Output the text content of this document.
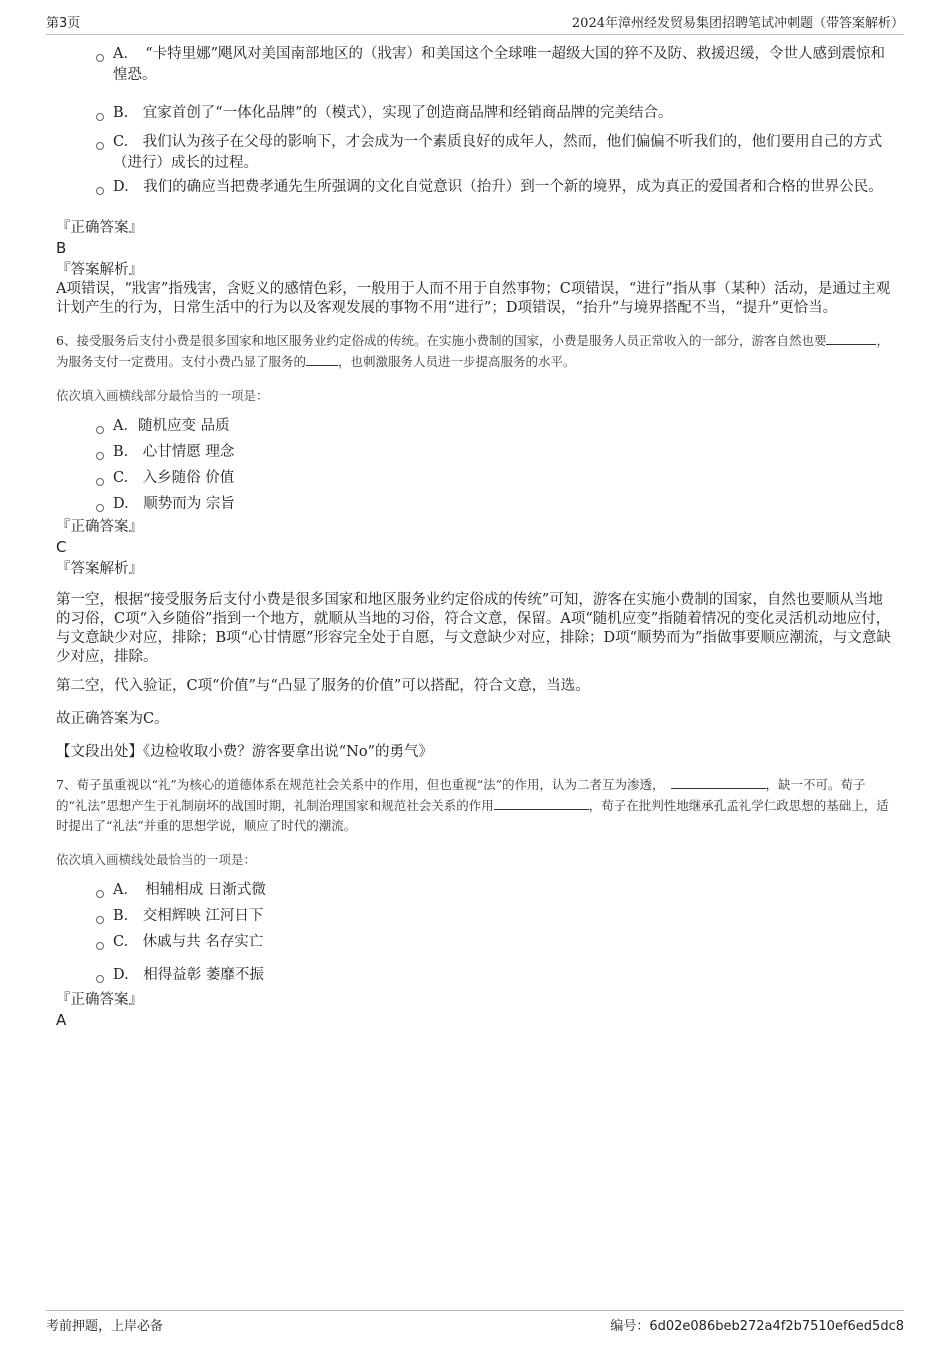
第3页	2024年漳州经发贸易集团招聘笔试冲刺题（带答案解析）
A．　“卡特里娜”飓风对美国南部地区的（戕害）和美国这个全球唯一超级大国的猝不及防、救援迟缓，令世人感到震惊和惶恐。
B.　宜家首创了“一体化品牌”的（模式），实现了创造商品牌和经销商品牌的完美结合。
C.　我们认为孩子在父母的影响下，才会成为一个素质良好的成年人，然而，他们偏偏不听我们的，他们要用自己的方式（进行）成长的过程。
D.　我们的确应当把费孝通先生所强调的文化自觉意识（抬升）到一个新的境界，成为真正的爱国者和合格的世界公民。
『正确答案』
B
『答案解析』
A项错误，“戕害”指残害，含贬义的感情色彩，一般用于人而不用于自然事物；C项错误，“进行”指从事（某种）活动，是通过主观计划产生的行为，日常生活中的行为以及客观发展的事物不用“进行”；D项错误，“抬升”与境界搭配不当，“提升”更恰当。
6、接受服务后支付小费是很多国家和地区服务业约定俗成的传统。在实施小费制的国家，小费是服务人员正常收入的一部分，游客自然也要	，为服务支付一定费用。支付小费凸显了服务的	，也刺激服务人员进一步提高服务的水平。
依次填入画横线部分最恰当的一项是：
A．随机应变 品质
B.　心甘情愿 理念
C.　入乡随俗 价值
D.　顺势而为 宗旨
『正确答案』
C
『答案解析』
第一空，根据“接受服务后支付小费是很多国家和地区服务业约定俗成的传统”可知，游客在实施小费制的国家，自然也要顺从当地的习俗，C项“入乡随俗”指到一个地方，就顺从当地的习俗，符合文意，保留。A项“随机应变”指随着情况的变化灵活机动地应付，与文意缺少对应，排除；B项“心甘情愿”形容完全处于自愿，与文意缺少对应，排除；D项“顺势而为”指做事要顺应潮流，与文意缺少对应，排除。
第二空，代入验证，C项“价值”与“凸显了服务的价值”可以搭配，符合文意，当选。
故正确答案为C。
【文段出处】《边检收取小费？游客要拿出说“No”的勇气》
7、荀子虽重视以“礼”为核心的道德体系在规范社会关系中的作用，但也重视“法”的作用，认为二者互为渗透，	，缺一不可。荀子的“礼法”思想产生于礼制崩坏的战国时期，礼制治理国家和规范社会关系的作用	，荀子在批判性地继承孔孟礼学仁政思想的基础上，适时提出了“礼法”并重的思想学说，顺应了时代的潮流。
依次填入画横线处最恰当的一项是：
A．　相辅相成 日渐式微
B.　交相辉映 江河日下
C.　休戚与共 名存实亡
D.　相得益彰 萎靡不振
『正确答案』
A
考前押题，上岸必备	编号：6d02e086beb272a4f2b7510ef6ed5dc8
